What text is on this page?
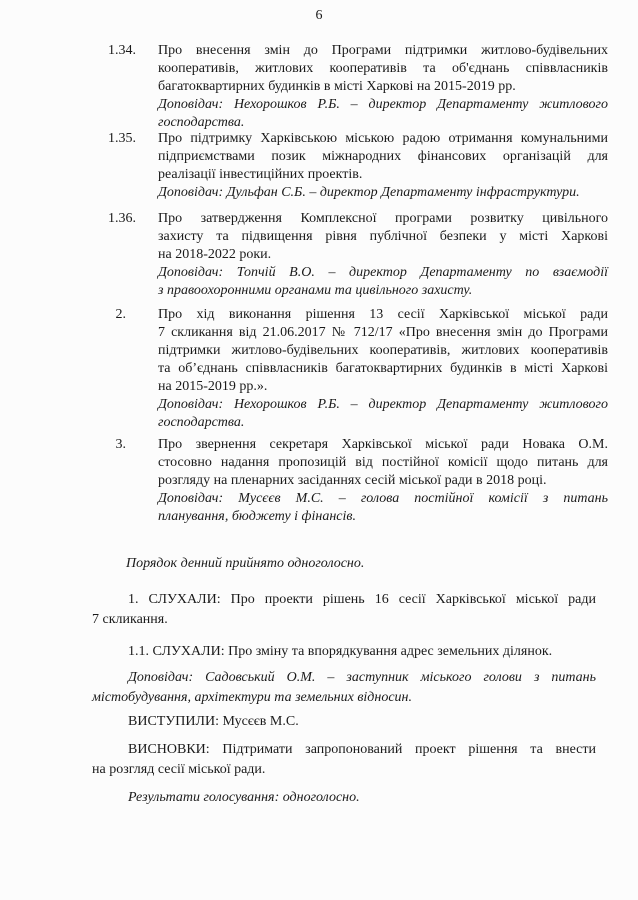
6
1.34. Про внесення змін до Програми підтримки житлово-будівельних
кооперативів, житлових кооперативів та об'єднань співвласників
багатоквартирних будинків в місті Харкові на 2015-2019 рр.
Доповідач: Нехорошков Р.Б. – директор Департаменту житлового
господарства.
1.35. Про підтримку Харківською міською радою отримання комунальними
підприємствами позик міжнародних фінансових організацій для
реалізації інвестиційних проектів.
Доповідач: Дульфан С.Б. – директор Департаменту інфраструктури.
1.36. Про затвердження Комплексної програми розвитку цивільного
захисту та підвищення рівня публічної безпеки у місті Харкові
на 2018-2022 роки.
Доповідач: Топчій В.О. – директор Департаменту по взаємодії
з правоохоронними органами та цивільного захисту.
2. Про хід виконання рішення 13 сесії Харківської міської ради
7 скликання від 21.06.2017 № 712/17 «Про внесення змін до Програми
підтримки житлово-будівельних кооперативів, житлових кооперативів
та об’єднань співвласників багатоквартирних будинків в місті Харкові
на 2015-2019 рр.».
Доповідач: Нехорошков Р.Б. – директор Департаменту житлового
господарства.
3. Про звернення секретаря Харківської міської ради Новака О.М.
стосовно надання пропозицій від постійної комісії щодо питань для
розгляду на пленарних засіданнях сесій міської ради в 2018 році.
Доповідач: Мусєєв М.С. – голова постійної комісії з питань
планування, бюджету і фінансів.
Порядок денний прийнято одноголосно.
1. СЛУХАЛИ: Про проекти рішень 16 сесії Харківської міської ради
7 скликання.
1.1. СЛУХАЛИ: Про зміну та впорядкування адрес земельних ділянок.
Доповідач: Садовський О.М. – заступник міського голови з питань
містобудування, архітектури та земельних відносин.
ВИСТУПИЛИ: Мусєєв М.С.
ВИСНОВКИ: Підтримати запропонований проект рішення та внести
на розгляд сесії міської ради.
Результати голосування: одноголосно.
